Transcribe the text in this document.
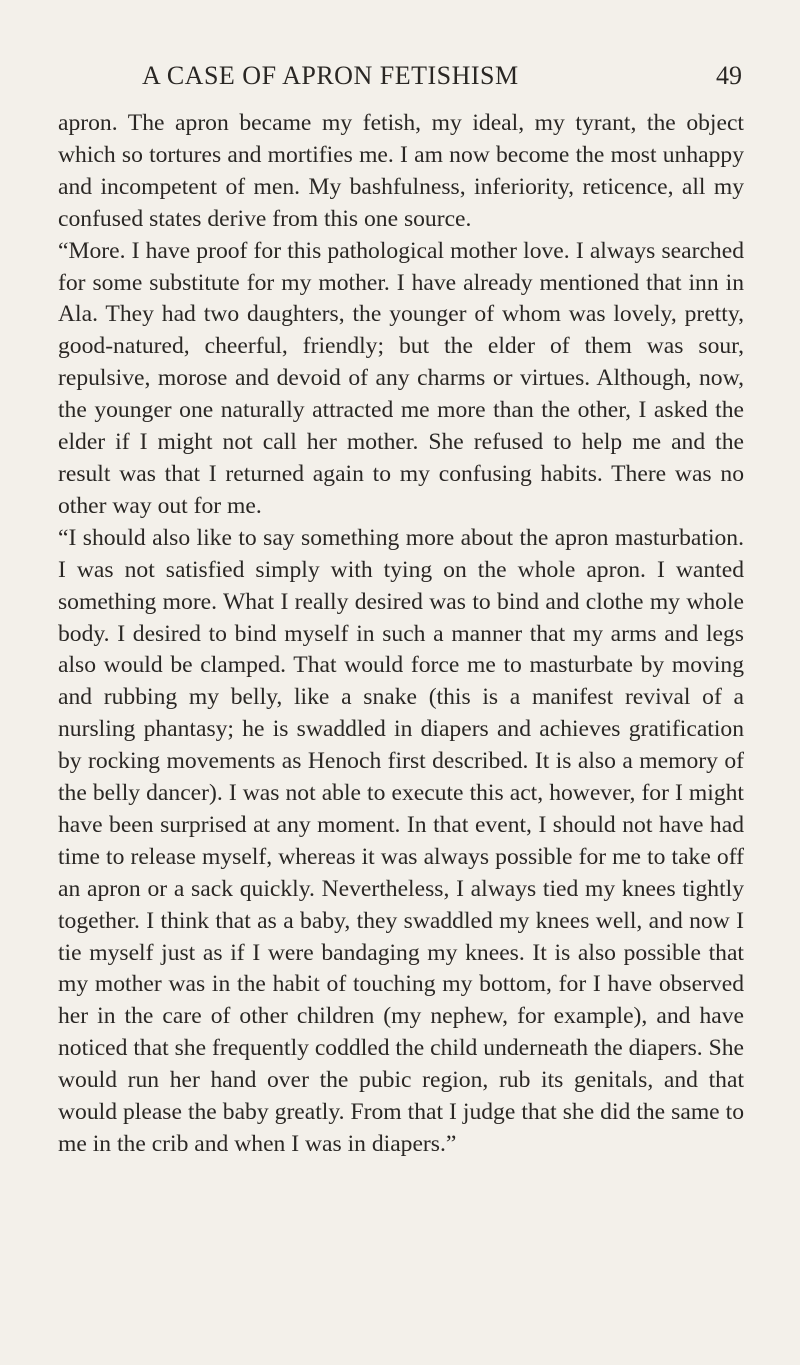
A CASE OF APRON FETISHISM	49

apron. The apron became my fetish, my ideal, my tyrant, the object which so tortures and mortifies me. I am now become the most unhappy and incompetent of men. My bashfulness, inferiority, reticence, all my confused states derive from this one source.

“More. I have proof for this pathological mother love. I always searched for some substitute for my mother. I have already mentioned that inn in Ala. They had two daughters, the younger of whom was lovely, pretty, good-natured, cheerful, friendly; but the elder of them was sour, repulsive, morose and devoid of any charms or virtues. Although, now, the younger one naturally attracted me more than the other, I asked the elder if I might not call her mother. She refused to help me and the result was that I returned again to my confusing habits. There was no other way out for me.

“I should also like to say something more about the apron masturbation. I was not satisfied simply with tying on the whole apron. I wanted something more. What I really desired was to bind and clothe my whole body. I desired to bind myself in such a manner that my arms and legs also would be clamped. That would force me to masturbate by moving and rubbing my belly, like a snake (this is a manifest revival of a nursling phantasy; he is swaddled in diapers and achieves gratification by rocking movements as Henoch first described. It is also a memory of the belly dancer). I was not able to execute this act, however, for I might have been surprised at any moment. In that event, I should not have had time to release myself, whereas it was always possible for me to take off an apron or a sack quickly. Nevertheless, I always tied my knees tightly together. I think that as a baby, they swaddled my knees well, and now I tie myself just as if I were bandaging my knees. It is also possible that my mother was in the habit of touching my bottom, for I have observed her in the care of other children (my nephew, for example), and have noticed that she frequently coddled the child underneath the diapers. She would run her hand over the pubic region, rub its genitals, and that would please the baby greatly. From that I judge that she did the same to me in the crib and when I was in diapers.”
